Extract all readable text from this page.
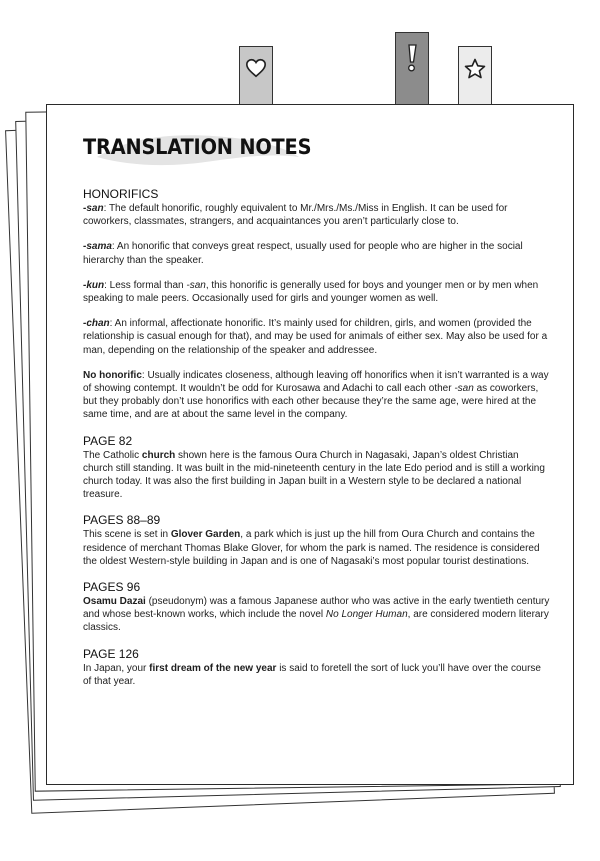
TRANSLATION NOTES
HONORIFICS

-san: The default honorific, roughly equivalent to Mr./Mrs./Ms./Miss in English. It can be used for coworkers, classmates, strangers, and acquaintances you aren’t particularly close to.

-sama: An honorific that conveys great respect, usually used for people who are higher in the social hierarchy than the speaker.

-kun: Less formal than -san, this honorific is generally used for boys and younger men or by men when speaking to male peers. Occasionally used for girls and younger women as well.

-chan: An informal, affectionate honorific. It’s mainly used for children, girls, and women (provided the relationship is casual enough for that), and may be used for animals of either sex. May also be used for a man, depending on the relationship of the speaker and addressee.

No honorific: Usually indicates closeness, although leaving off honorifics when it isn’t warranted is a way of showing contempt. It wouldn’t be odd for Kurosawa and Adachi to call each other -san as coworkers, but they probably don’t use honorifics with each other because they’re the same age, were hired at the same time, and are at about the same level in the company.

PAGE 82

The Catholic church shown here is the famous Oura Church in Nagasaki, Japan’s oldest Christian church still standing. It was built in the mid-nineteenth century in the late Edo period and is still a working church today. It was also the first building in Japan built in a Western style to be declared a national treasure.

PAGES 88–89

This scene is set in Glover Garden, a park which is just up the hill from Oura Church and contains the residence of merchant Thomas Blake Glover, for whom the park is named. The residence is considered the oldest Western-style building in Japan and is one of Nagasaki’s most popular tourist destinations.

PAGES 96

Osamu Dazai (pseudonym) was a famous Japanese author who was active in the early twentieth century and whose best-known works, which include the novel No Longer Human, are considered modern literary classics.

PAGE 126

In Japan, your first dream of the new year is said to foretell the sort of luck you’ll have over the course of that year.
